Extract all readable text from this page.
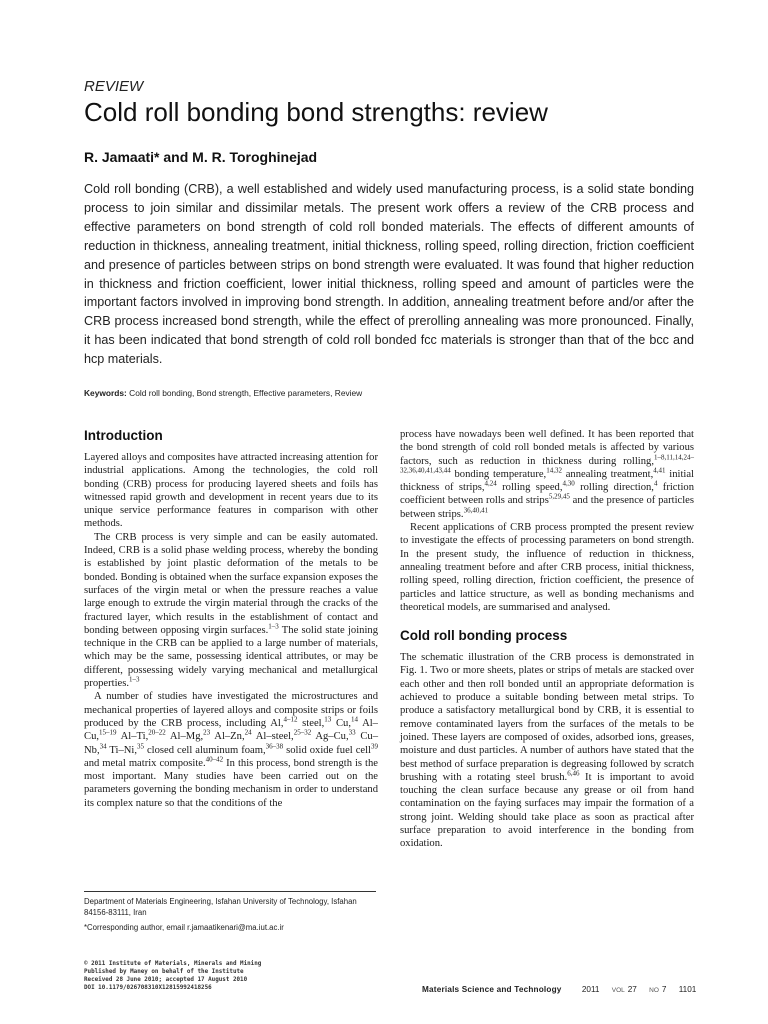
REVIEW
Cold roll bonding bond strengths: review
R. Jamaati* and M. R. Toroghinejad

Cold roll bonding (CRB), a well established and widely used manufacturing process, is a solid state bonding process to join similar and dissimilar metals. The present work offers a review of the CRB process and effective parameters on bond strength of cold roll bonded materials. The effects of different amounts of reduction in thickness, annealing treatment, initial thickness, rolling speed, rolling direction, friction coefficient and presence of particles between strips on bond strength were evaluated. It was found that higher reduction in thickness and friction coefficient, lower initial thickness, rolling speed and amount of particles were the important factors involved in improving bond strength. In addition, annealing treatment before and/or after the CRB process increased bond strength, while the effect of prerolling annealing was more pronounced. Finally, it has been indicated that bond strength of cold roll bonded fcc materials is stronger than that of the bcc and hcp materials.

Keywords: Cold roll bonding, Bond strength, Effective parameters, Review
Introduction

Layered alloys and composites have attracted increasing attention for industrial applications. Among the technologies, the cold roll bonding (CRB) process for producing layered sheets and foils has witnessed rapid growth and development in recent years due to its unique service performance features in comparison with other methods.

The CRB process is very simple and can be easily automated. Indeed, CRB is a solid phase welding process, whereby the bonding is established by joint plastic deformation of the metals to be bonded. Bonding is obtained when the surface expansion exposes the surfaces of the virgin metal or when the pressure reaches a value large enough to extrude the virgin material through the cracks of the fractured layer, which results in the establishment of contact and bonding between opposing virgin surfaces.$^{1-3}$ The solid state joining technique in the CRB can be applied to a large number of materials, which may be the same, possessing identical attributes, or may be different, possessing widely varying mechanical and metallurgical properties.$^{1-3}$

A number of studies have investigated the microstructures and mechanical properties of layered alloys and composite strips or foils produced by the CRB process, including Al,$^{4-12}$ steel,$^{13}$ Cu,$^{14}$ Al–Cu,$^{15-19}$ Al–Ti,$^{20-22}$ Al–Mg,$^{23}$ Al–Zn,$^{24}$ Al–steel,$^{25-32}$ Ag–Cu,$^{33}$ Cu–Nb,$^{34}$ Ti–Ni,$^{35}$ closed cell aluminum foam,$^{36-38}$ solid oxide fuel cell$^{39}$ and metal matrix composite.$^{40-42}$ In this process, bond strength is the most important. Many studies have been carried out on the parameters governing the bonding mechanism in order to understand its complex nature so that the conditions of the

process have nowadays been well defined. It has been reported that the bond strength of cold roll bonded metals is affected by various factors, such as reduction in thickness during rolling,$^{1-8,11,14,24-32,36,40,41,43,44}$ bonding temperature,$^{14,32}$ annealing treatment,$^{4,41}$ initial thickness of strips,$^{4,24}$ rolling speed,$^{4,30}$ rolling direction,$^4$ friction coefficient between rolls and strips$^{5,29,45}$ and the presence of particles between strips.$^{36,40,41}$

Recent applications of CRB process prompted the present review to investigate the effects of processing parameters on bond strength. In the present study, the influence of reduction in thickness, annealing treatment before and after CRB process, initial thickness, rolling speed, rolling direction, friction coefficient, the presence of particles and lattice structure, as well as bonding mechanisms and theoretical models, are summarised and analysed.

Cold roll bonding process

The schematic illustration of the CRB process is demonstrated in Fig. 1. Two or more sheets, plates or strips of metals are stacked over each other and then roll bonded until an appropriate deformation is achieved to produce a suitable bonding between metal strips. To produce a satisfactory metallurgical bond by CRB, it is essential to remove contaminated layers from the surfaces of the metals to be joined. These layers are composed of oxides, adsorbed ions, greases, moisture and dust particles. A number of authors have stated that the best method of surface preparation is degreasing followed by scratch brushing with a rotating steel brush.$^{6,46}$ It is important to avoid touching the clean surface because any grease or oil from hand contamination on the faying surfaces may impair the formation of a strong joint. Welding should take place as soon as practical after surface preparation to avoid interference in the bonding from oxidation.

Department of Materials Engineering, Isfahan University of Technology, Isfahan 84156-83111, Iran

*Corresponding author, email r.jamaatikenari@ma.iut.ac.ir
© 2011 Institute of Materials, Minerals and Mining
Published by Maney on behalf of the Institute
Received 28 June 2010; accepted 17 August 2010
DOI 10.1179/026708310X12815992418256	Materials Science and Technology 2011 VOL 27 NO 7 1101
